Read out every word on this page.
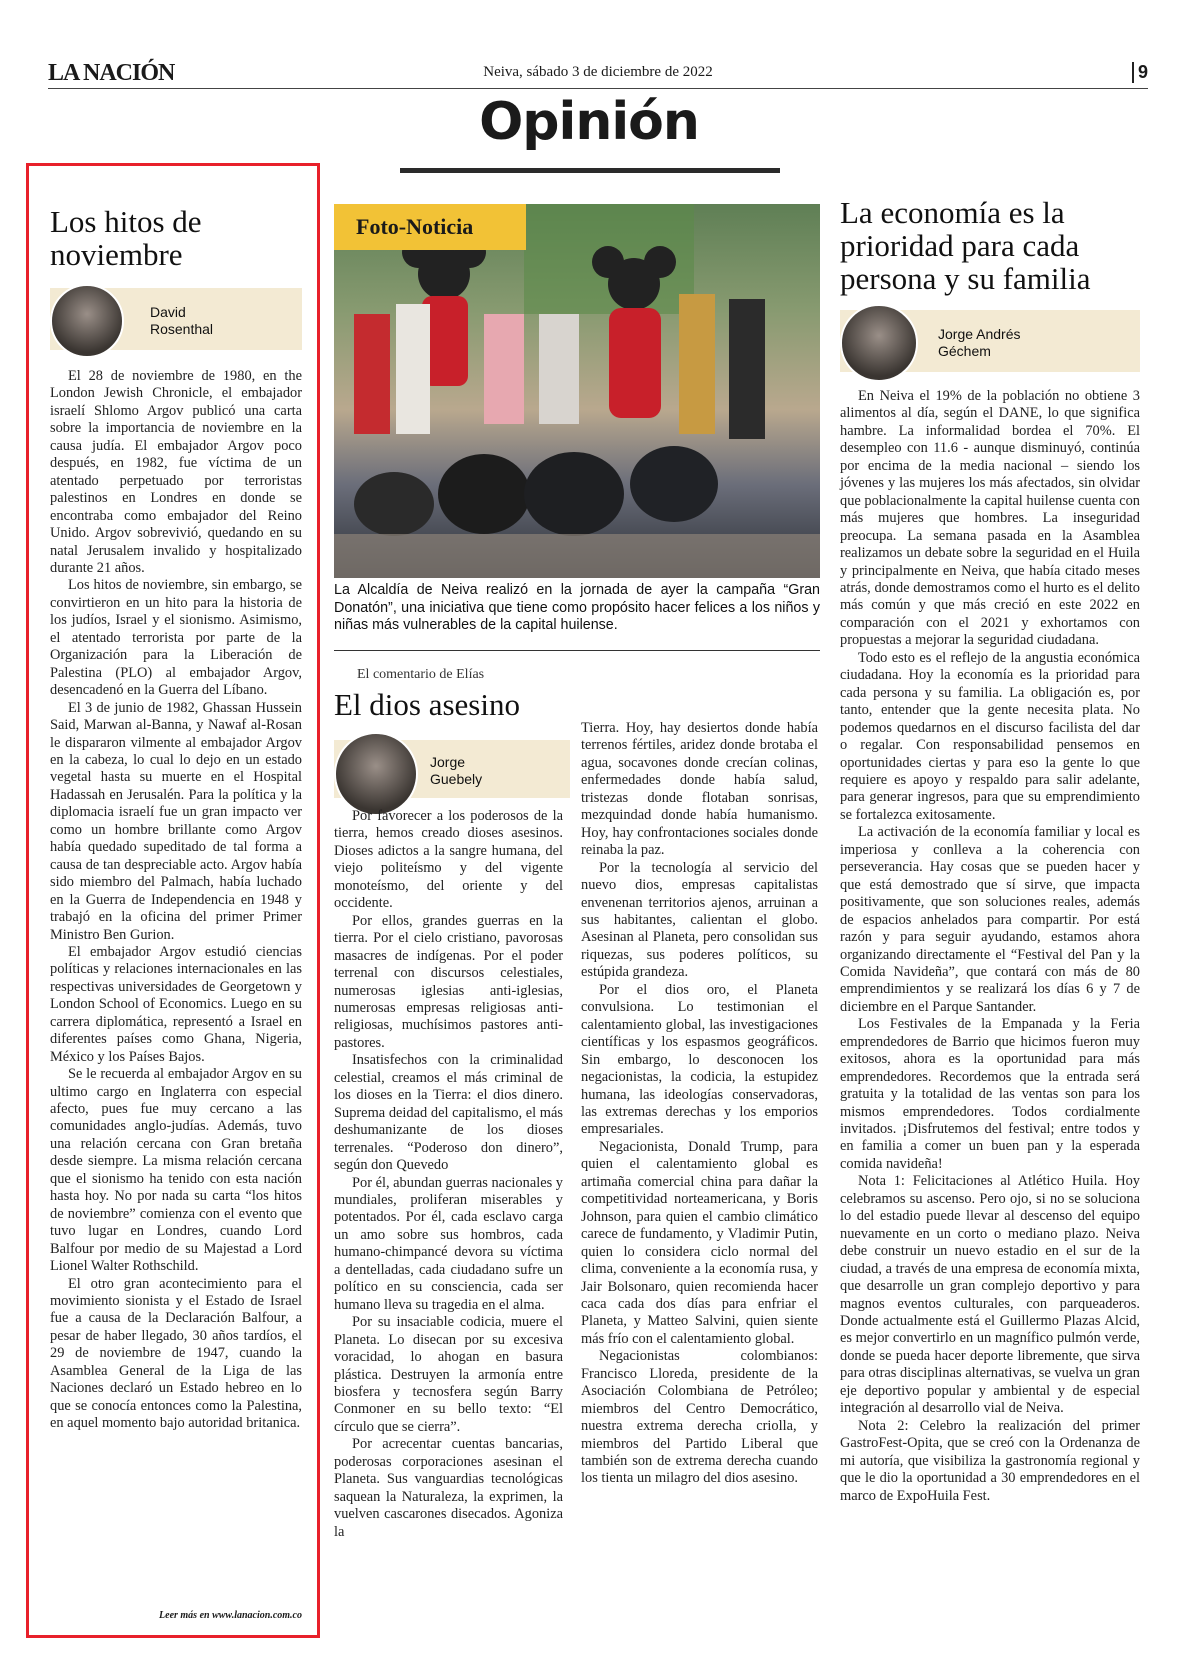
LA NACIÓN	Neiva, sábado 3 de diciembre de 2022	9
Opinión
Los hitos de noviembre
David
Rosenthal

El 28 de noviembre de 1980, en the London Jewish Chronicle, el embajador israelí Shlomo Argov publicó una carta sobre la importancia de noviembre en la causa judía. El embajador Argov poco después, en 1982, fue víctima de un atentado perpetuado por terroristas palestinos en Londres en donde se encontraba como embajador del Reino Unido. Argov sobrevivió, quedando en su natal Jerusalem invalido y hospitalizado durante 21 años.

Los hitos de noviembre, sin embargo, se convirtieron en un hito para la historia de los judíos, Israel y el sionismo. Asimismo, el atentado terrorista por parte de la Organización para la Liberación de Palestina (PLO) al embajador Argov, desencadenó en la Guerra del Líbano.

El 3 de junio de 1982, Ghassan Hussein Said, Marwan al-Banna, y Nawaf al-Rosan le dispararon vilmente al embajador Argov en la cabeza, lo cual lo dejo en un estado vegetal hasta su muerte en el Hospital Hadassah en Jerusalén. Para la política y la diplomacia israelí fue un gran impacto ver como un hombre brillante como Argov había quedado supeditado de tal forma a causa de tan despreciable acto. Argov había sido miembro del Palmach, había luchado en la Guerra de Independencia en 1948 y trabajó en la oficina del primer Primer Ministro Ben Gurion.

El embajador Argov estudió ciencias políticas y relaciones internacionales en las respectivas universidades de Georgetown y London School of Economics. Luego en su carrera diplomática, representó a Israel en diferentes países como Ghana, Nigeria, México y los Países Bajos.

Se le recuerda al embajador Argov en su ultimo cargo en Inglaterra con especial afecto, pues fue muy cercano a las comunidades anglo-judías. Además, tuvo una relación cercana con Gran bretaña desde siempre. La misma relación cercana que el sionismo ha tenido con esta nación hasta hoy. No por nada su carta “los hitos de noviembre” comienza con el evento que tuvo lugar en Londres, cuando Lord Balfour por medio de su Majestad a Lord Lionel Walter Rothschild.

El otro gran acontecimiento para el movimiento sionista y el Estado de Israel fue a causa de la Declaración Balfour, a pesar de haber llegado, 30 años tardíos, el 29 de noviembre de 1947, cuando la Asamblea General de la Liga de las Naciones declaró un Estado hebreo en lo que se conocía entonces como la Palestina, en aquel momento bajo autoridad britanica.

Leer más en www.lanacion.com.co
Foto-Noticia
La Alcaldía de Neiva realizó en la jornada de ayer la campaña “Gran Donatón”, una iniciativa que tiene como propósito hacer felices a los niños y niñas más vulnerables de la capital huilense.
El comentario de Elías
El dios asesino
Jorge
Guebely

Por favorecer a los poderosos de la tierra, hemos creado dioses asesinos. Dioses adictos a la sangre humana, del viejo politeísmo y del vigente monoteísmo, del oriente y del occidente.

Por ellos, grandes guerras en la tierra. Por el cielo cristiano, pavorosas masacres de indígenas. Por el poder terrenal con discursos celestiales, numerosas iglesias anti-iglesias, numerosas empresas religiosas anti-religiosas, muchísimos pastores anti-pastores.

Insatisfechos con la criminalidad celestial, creamos el más criminal de los dioses en la Tierra: el dios dinero. Suprema deidad del capitalismo, el más deshumanizante de los dioses terrenales. “Poderoso don dinero”, según don Quevedo

Por él, abundan guerras nacionales y mundiales, proliferan miserables y potentados. Por él, cada esclavo carga un amo sobre sus hombros, cada humano-chimpancé devora su víctima a dentelladas, cada ciudadano sufre un político en su consciencia, cada ser humano lleva su tragedia en el alma.

Por su insaciable codicia, muere el Planeta. Lo disecan por su excesiva voracidad, lo ahogan en basura plástica. Destruyen la armonía entre biosfera y tecnosfera según Barry Conmoner en su bello texto: “El círculo que se cierra”.

Por acrecentar cuentas bancarias, poderosas corporaciones asesinan el Planeta. Sus vanguardias tecnológicas saquean la Naturaleza, la exprimen, la vuelven cascarones disecados. Agoniza la

Tierra. Hoy, hay desiertos donde había terrenos fértiles, aridez donde brotaba el agua, socavones donde crecían colinas, enfermedades donde había salud, tristezas donde flotaban sonrisas, mezquindad donde había humanismo. Hoy, hay confrontaciones sociales donde reinaba la paz.

Por la tecnología al servicio del nuevo dios, empresas capitalistas envenenan territorios ajenos, arruinan a sus habitantes, calientan el globo. Asesinan al Planeta, pero consolidan sus riquezas, sus poderes políticos, su estúpida grandeza.

Por el dios oro, el Planeta convulsiona. Lo testimonian el calentamiento global, las investigaciones científicas y los espasmos geográficos. Sin embargo, lo desconocen los negacionistas, la codicia, la estupidez humana, las ideologías conservadoras, las extremas derechas y los emporios empresariales.

Negacionista, Donald Trump, para quien el calentamiento global es artimaña comercial china para dañar la competitividad norteamericana, y Boris Johnson, para quien el cambio climático carece de fundamento, y Vladimir Putin, quien lo considera ciclo normal del clima, conveniente a la economía rusa, y Jair Bolsonaro, quien recomienda hacer caca cada dos días para enfriar el Planeta, y Matteo Salvini, quien siente más frío con el calentamiento global.

Negacionistas colombianos: Francisco Lloreda, presidente de la Asociación Colombiana de Petróleo; miembros del Centro Democrático, nuestra extrema derecha criolla, y miembros del Partido Liberal que también son de extrema derecha cuando los tienta un milagro del dios asesino.

La economía es la prioridad para cada persona y su familia
Jorge Andrés
Géchem

En Neiva el 19% de la población no obtiene 3 alimentos al día, según el DANE, lo que significa hambre. La informalidad bordea el 70%. El desempleo con 11.6 - aunque disminuyó, continúa por encima de la media nacional – siendo los jóvenes y las mujeres los más afectados, sin olvidar que poblacionalmente la capital huilense cuenta con más mujeres que hombres. La inseguridad preocupa. La semana pasada en la Asamblea realizamos un debate sobre la seguridad en el Huila y principalmente en Neiva, que había citado meses atrás, donde demostramos como el hurto es el delito más común y que más creció en este 2022 en comparación con el 2021 y exhortamos con propuestas a mejorar la seguridad ciudadana.

Todo esto es el reflejo de la angustia económica ciudadana. Hoy la economía es la prioridad para cada persona y su familia. La obligación es, por tanto, entender que la gente necesita plata. No podemos quedarnos en el discurso facilista del dar o regalar. Con responsabilidad pensemos en oportunidades ciertas y para eso la gente lo que requiere es apoyo y respaldo para salir adelante, para generar ingresos, para que su emprendimiento se fortalezca exitosamente.

La activación de la economía familiar y local es imperiosa y conlleva a la coherencia con perseverancia. Hay cosas que se pueden hacer y que está demostrado que sí sirve, que impacta positivamente, que son soluciones reales, además de espacios anhelados para compartir. Por está razón y para seguir ayudando, estamos ahora organizando directamente el “Festival del Pan y la Comida Navideña”, que contará con más de 80 emprendimientos y se realizará los días 6 y 7 de diciembre en el Parque Santander.

Los Festivales de la Empanada y la Feria emprendedores de Barrio que hicimos fueron muy exitosos, ahora es la oportunidad para más emprendedores. Recordemos que la entrada será gratuita y la totalidad de las ventas son para los mismos emprendedores. Todos cordialmente invitados. ¡Disfrutemos del festival; entre todos y en familia a comer un buen pan y la esperada comida navideña!

Nota 1: Felicitaciones al Atlético Huila. Hoy celebramos su ascenso. Pero ojo, si no se soluciona lo del estadio puede llevar al descenso del equipo nuevamente en un corto o mediano plazo. Neiva debe construir un nuevo estadio en el sur de la ciudad, a través de una empresa de economía mixta, que desarrolle un gran complejo deportivo y para magnos eventos culturales, con parqueaderos. Donde actualmente está el Guillermo Plazas Alcid, es mejor convertirlo en un magnífico pulmón verde, donde se pueda hacer deporte libremente, que sirva para otras disciplinas alternativas, se vuelva un gran eje deportivo popular y ambiental y de especial integración al desarrollo vial de Neiva.

Nota 2: Celebro la realización del primer GastroFest-Opita, que se creó con la Ordenanza de mi autoría, que visibiliza la gastronomía regional y que le dio la oportunidad a 30 emprendedores en el marco de ExpoHuila Fest.
